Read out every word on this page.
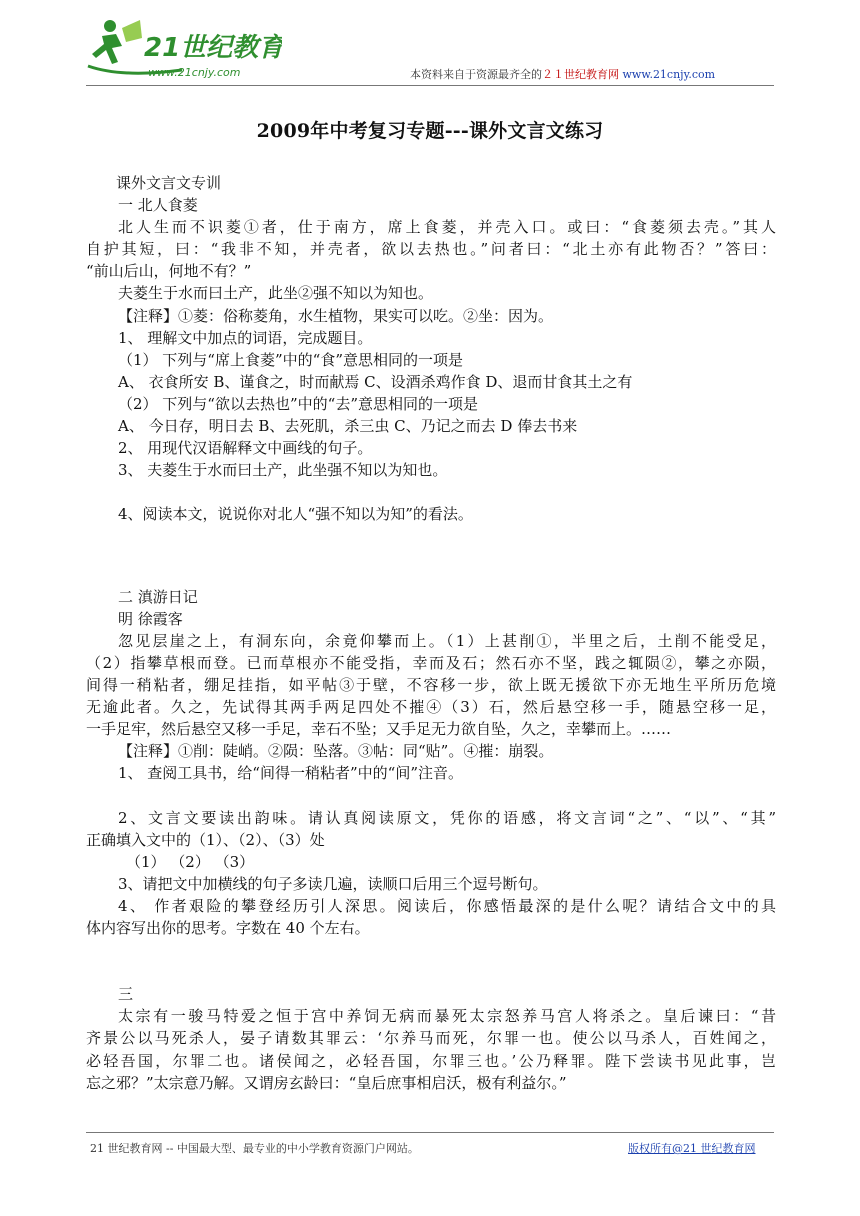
21世纪教育
www.21cnjy.com	本资料来自于资源最齐全的２１世纪教育网 www.21cnjy.com
2009年中考复习专题---课外文言文练习
课外文言文专训
一 北人食菱
北人生而不识菱①者，仕于南方，席上食菱，并壳入口。或曰：“食菱须去壳。”其人
自护其短，曰：“我非不知，并壳者，欲以去热也。”问者曰：“北土亦有此物否？”答曰：
“前山后山，何地不有？”
夫菱生于水而曰土产，此坐②强不知以为知也。
【注释】①菱：俗称菱角，水生植物，果实可以吃。②坐：因为。
1、 理解文中加点的词语，完成题目。
（1） 下列与“席上食菱”中的“食”意思相同的一项是
A、 衣食所安 B、谨食之，时而献焉 C、设酒杀鸡作食 D、退而甘食其土之有
（2） 下列与“欲以去热也”中的“去”意思相同的一项是
A、 今日存，明日去 B、去死肌，杀三虫 C、乃记之而去 D 俸去书来
2、 用现代汉语解释文中画线的句子。
3、 夫菱生于水而曰土产，此坐强不知以为知也。
4、阅读本文，说说你对北人“强不知以为知”的看法。
二 滇游日记
明 徐霞客
忽见层崖之上，有洞东向，余竟仰攀而上。（1）上甚削①，半里之后，土削不能受足，
（2）指攀草根而登。已而草根亦不能受指，幸而及石；然石亦不坚，践之辄陨②，攀之亦陨，
间得一稍粘者，绷足挂指，如平帖③于壁，不容移一步，欲上既无援欲下亦无地生平所历危境
无逾此者。久之，先试得其两手两足四处不摧④（3）石，然后悬空移一手，随悬空移一足，
一手足牢，然后悬空又移一手足，幸石不坠；又手足无力欲自坠，久之，幸攀而上。……
【注释】①削：陡峭。②陨：坠落。③帖：同“贴”。④摧：崩裂。
1、 查阅工具书，给“间得一稍粘者”中的“间”注音。
2、文言文要读出韵味。请认真阅读原文，凭你的语感，将文言词“之”、“以”、“其”
正确填入文中的（1）、（2）、（3）处
（1） （2） （3）
3、请把文中加横线的句子多读几遍，读顺口后用三个逗号断句。
4、 作者艰险的攀登经历引人深思。阅读后，你感悟最深的是什么呢？请结合文中的具
体内容写出你的思考。字数在 40 个左右。
三
太宗有一骏马特爱之恒于宫中养饲无病而暴死太宗怒养马宫人将杀之。皇后谏曰：“昔
齐景公以马死杀人，晏子请数其罪云：‘尔养马而死，尔罪一也。使公以马杀人，百姓闻之，
必轻吾国，尔罪二也。诸侯闻之，必轻吾国，尔罪三也。’公乃释罪。陛下尝读书见此事，岂
忘之邪？”太宗意乃解。又谓房玄龄曰：“皇后庶事相启沃，极有利益尔。”
21 世纪教育网 -- 中国最大型、最专业的中小学教育资源门户网站。	版权所有@21 世纪教育网
